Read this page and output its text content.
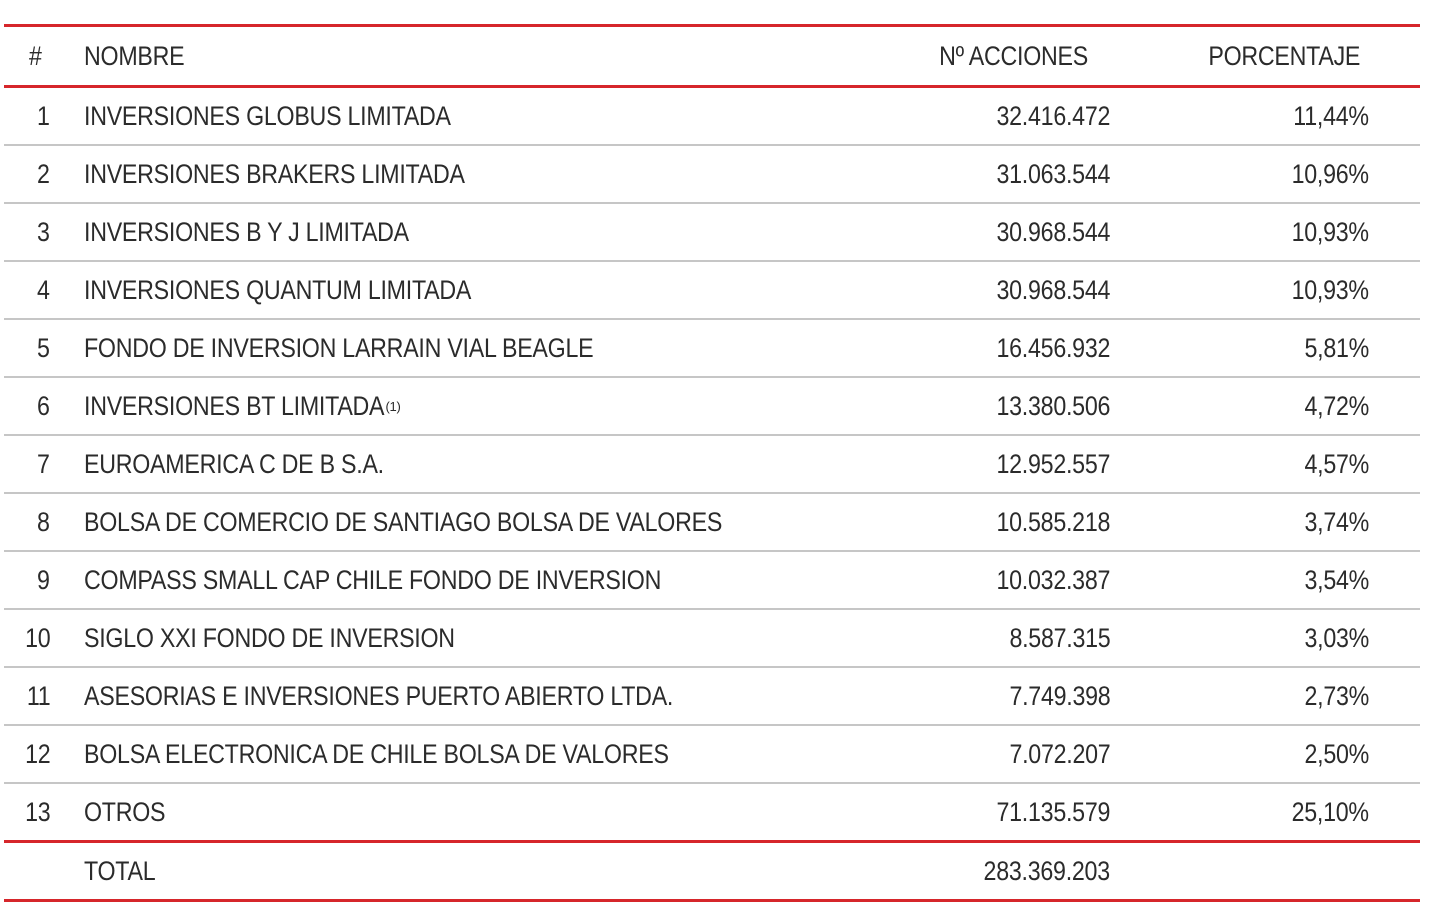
# NOMBRE	Nº ACCIONES	PORCENTAJE
1 INVERSIONES GLOBUS LIMITADA	32.416.472	11,44%
2 INVERSIONES BRAKERS LIMITADA	31.063.544	10,96%
3 INVERSIONES B Y J LIMITADA	30.968.544	10,93%
4 INVERSIONES QUANTUM LIMITADA	30.968.544	10,93%
5 FONDO DE INVERSION LARRAIN VIAL BEAGLE	16.456.932	5,81%
6 INVERSIONES BT LIMITADA (1)	13.380.506	4,72%
7 EUROAMERICA C DE B S.A.	12.952.557	4,57%
8 BOLSA DE COMERCIO DE SANTIAGO BOLSA DE VALORES	10.585.218	3,74%
9 COMPASS SMALL CAP CHILE FONDO DE INVERSION	10.032.387	3,54%
10 SIGLO XXI FONDO DE INVERSION	8.587.315	3,03%
11 ASESORIAS E INVERSIONES PUERTO ABIERTO LTDA.	7.749.398	2,73%
12 BOLSA ELECTRONICA DE CHILE BOLSA DE VALORES	7.072.207	2,50%
13 OTROS	71.135.579	25,10%
TOTAL	283.369.203
